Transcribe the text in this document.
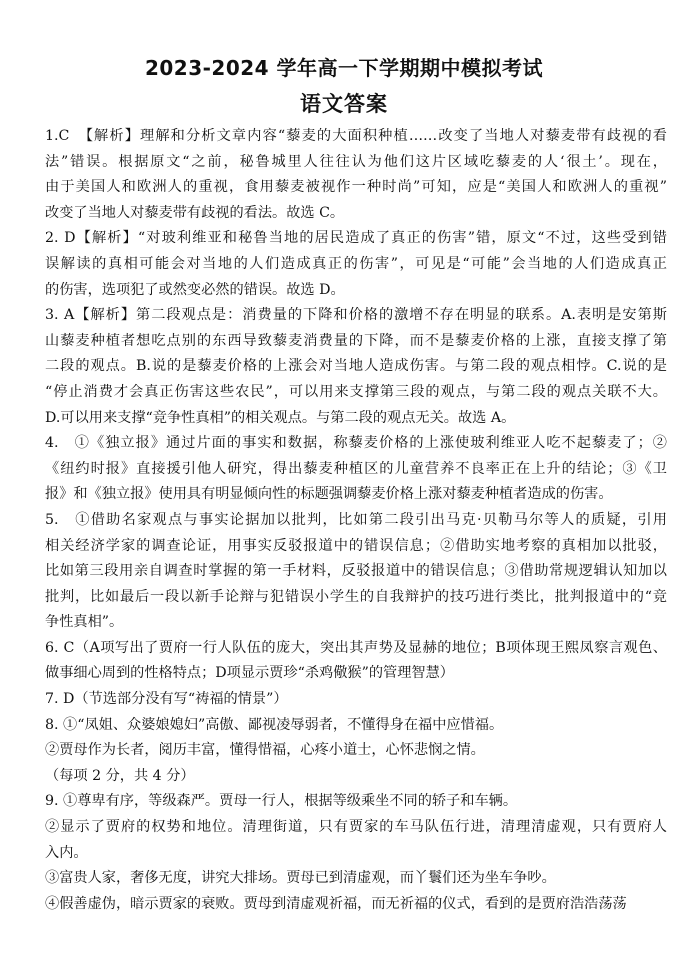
2023-2024 学年高一下学期期中模拟考试
语文答案
1.C　【解析】理解和分析文章内容“藜麦的大面积种植……改变了当地人对藜麦带有歧视的看
法”错误。根据原文“之前，秘鲁城里人往往认为他们这片区域吃藜麦的人‘很土’。现在，
由于美国人和欧洲人的重视，食用藜麦被视作一种时尚”可知，应是“美国人和欧洲人的重视”
改变了当地人对藜麦带有歧视的看法。故选 C。
2. D【解析】“对玻利维亚和秘鲁当地的居民造成了真正的伤害”错，原文“不过，这些受到错
误解读的真相可能会对当地的人们造成真正的伤害”，可见是“可能”会当地的人们造成真正
的伤害，选项犯了或然变必然的错误。故选 D。
3. A【解析】第二段观点是：消费量的下降和价格的激增不存在明显的联系。A.表明是安第斯
山藜麦种植者想吃点别的东西导致藜麦消费量的下降，而不是藜麦价格的上涨，直接支撑了第
二段的观点。B.说的是藜麦价格的上涨会对当地人造成伤害。与第二段的观点相悖。C.说的是
“停止消费才会真正伤害这些农民”，可以用来支撑第三段的观点，与第二段的观点关联不大。
D.可以用来支撑“竞争性真相”的相关观点。与第二段的观点无关。故选 A。
4.　①《独立报》通过片面的事实和数据，称藜麦价格的上涨使玻利维亚人吃不起藜麦了；②
《纽约时报》直接援引他人研究，得出藜麦种植区的儿童营养不良率正在上升的结论；③《卫
报》和《独立报》使用具有明显倾向性的标题强调藜麦价格上涨对藜麦种植者造成的伤害。
5.　①借助名家观点与事实论据加以批判，比如第二段引出马克·贝勒马尔等人的质疑，引用
相关经济学家的调查论证，用事实反驳报道中的错误信息；②借助实地考察的真相加以批驳，
比如第三段用亲自调查时掌握的第一手材料，反驳报道中的错误信息；③借助常规逻辑认知加以
批判，比如最后一段以新手论辩与犯错误小学生的自我辩护的技巧进行类比，批判报道中的“竞
争性真相”。
6. C（A项写出了贾府一行人队伍的庞大，突出其声势及显赫的地位；B项体现王熙凤察言观色、
做事细心周到的性格特点；D项显示贾珍“杀鸡儆猴”的管理智慧）
7. D（节选部分没有写“祷福的情景”）
8. ①“凤姐、众婆娘媳妇”高傲、鄙视凌辱弱者，不懂得身在福中应惜福。
②贾母作为长者，阅历丰富，懂得惜福，心疼小道士，心怀悲悯之情。
（每项 2 分，共 4 分）
9. ①尊卑有序，等级森严。贾母一行人，根据等级乘坐不同的轿子和车辆。
②显示了贾府的权势和地位。清理街道，只有贾家的车马队伍行进，清理清虚观，只有贾府人
入内。
③富贵人家，奢侈无度，讲究大排场。贾母已到清虚观，而丫鬟们还为坐车争吵。
④假善虚伪，暗示贾家的衰败。贾母到清虚观祈福，而无祈福的仪式，看到的是贾府浩浩荡荡
